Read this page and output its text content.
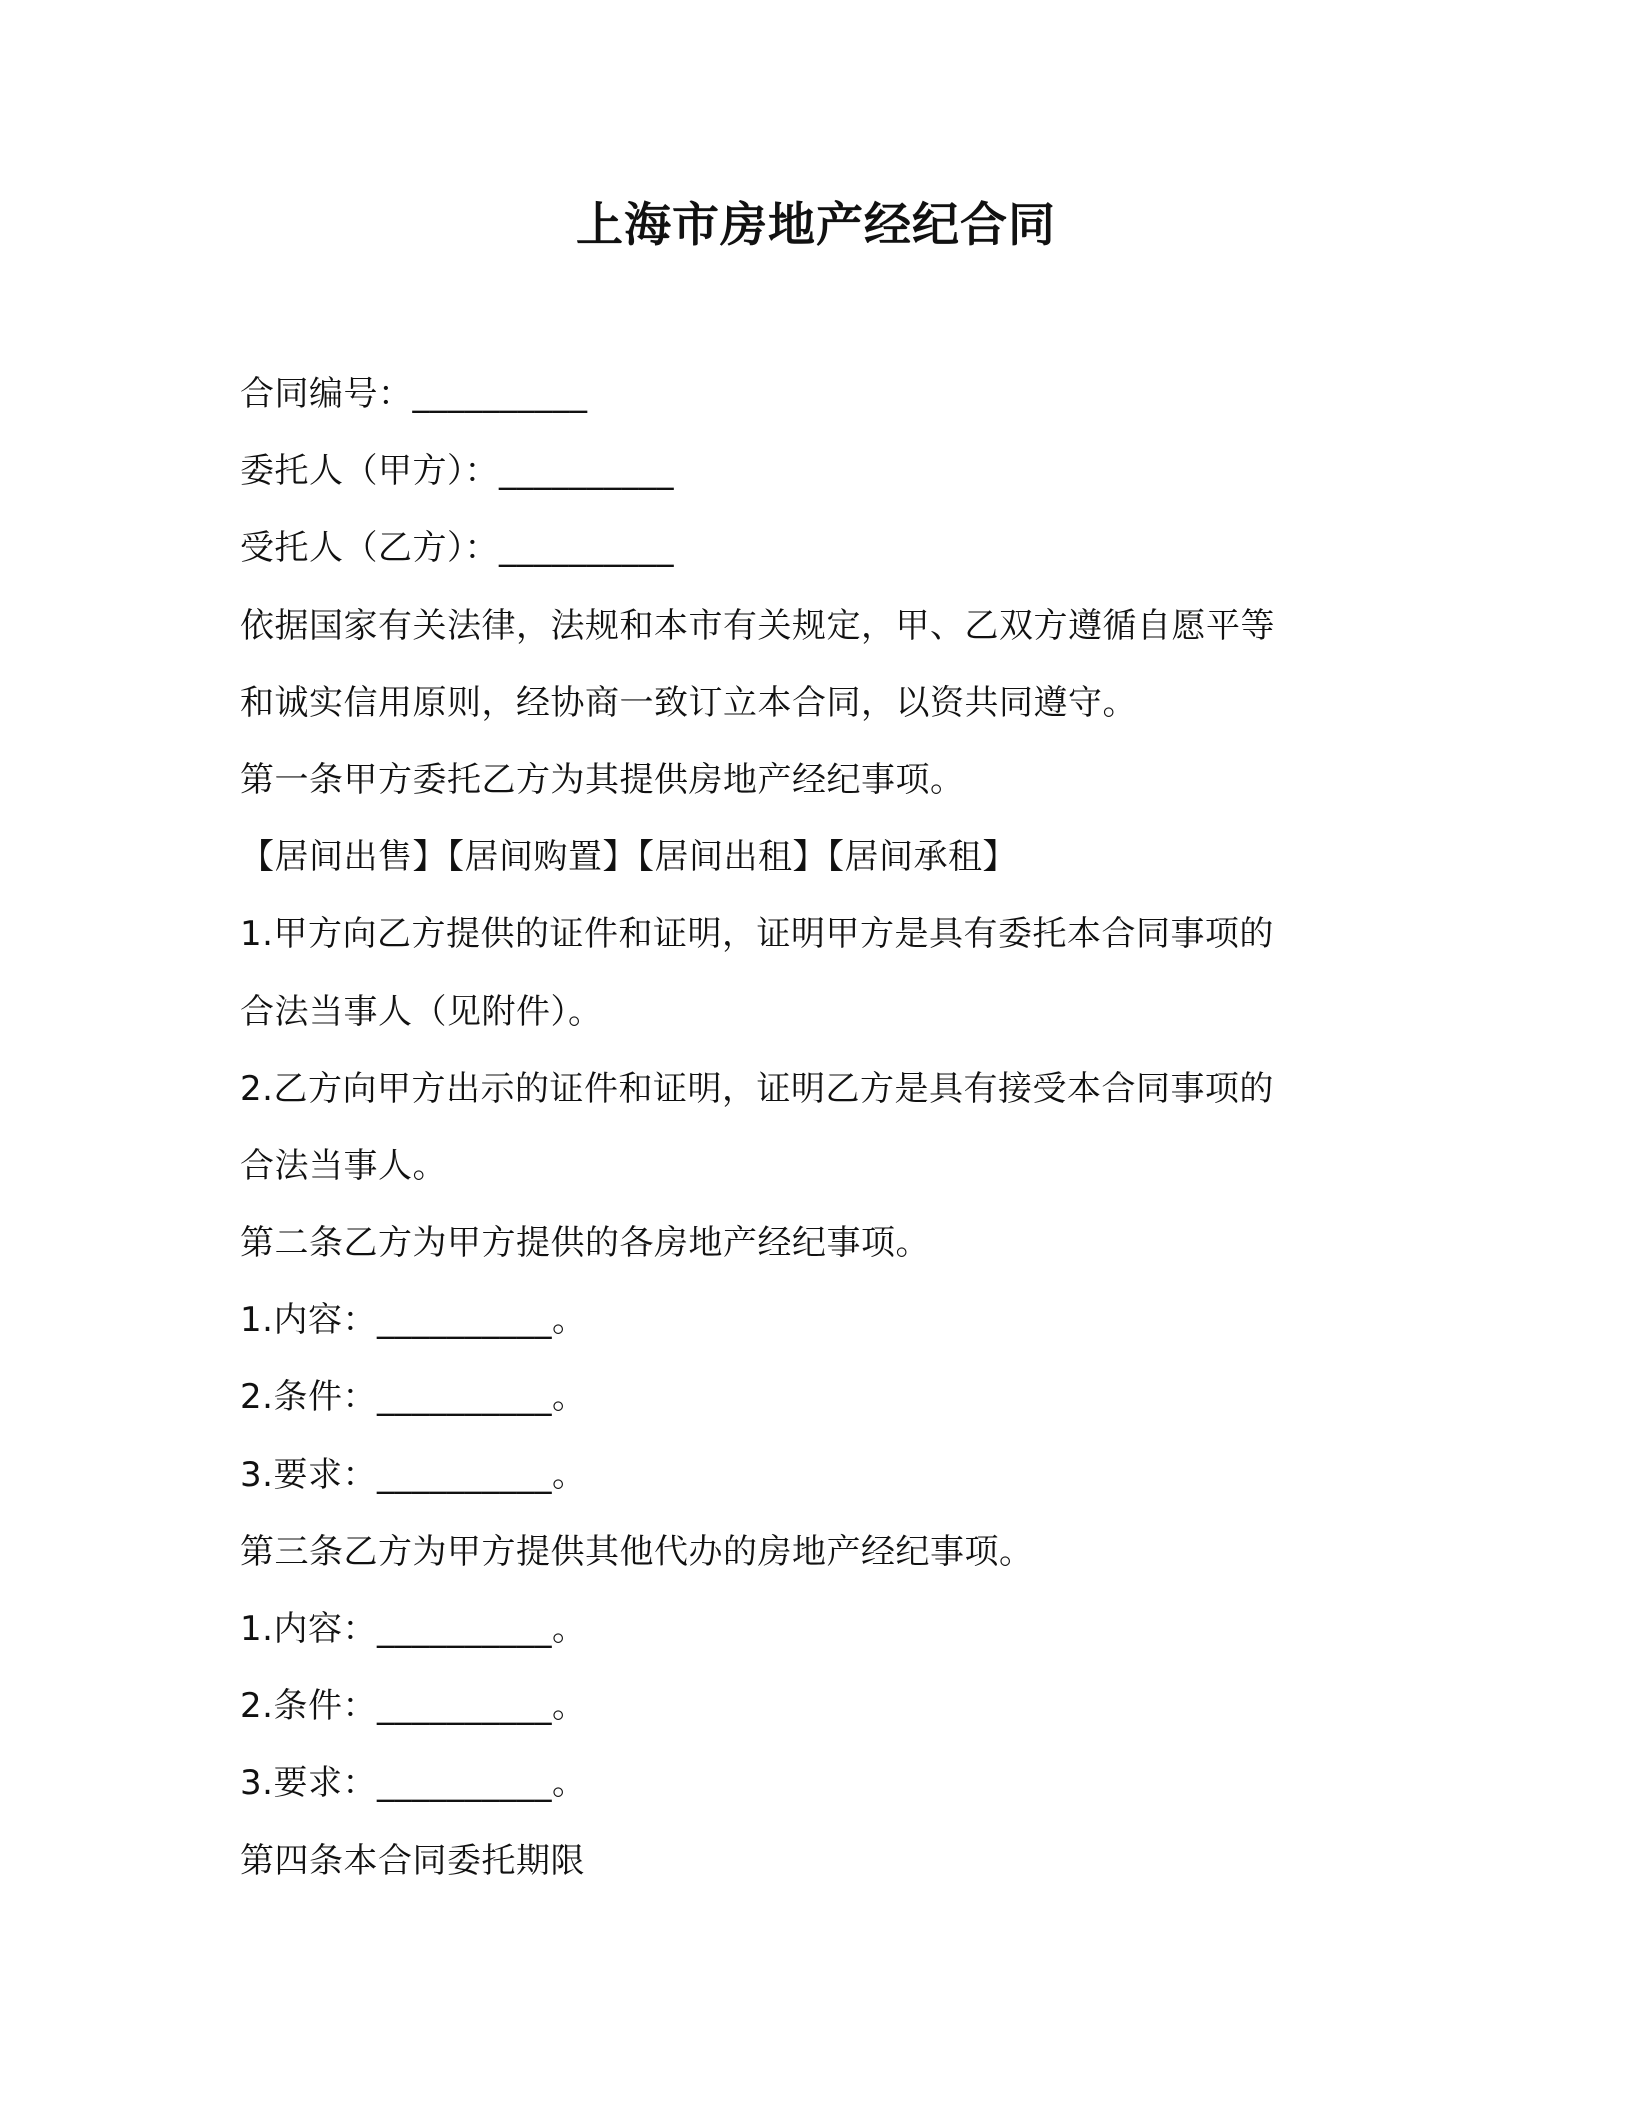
上海市房地产经纪合同

合同编号：__________

委托人（甲方）：__________

受托人（乙方）：__________

依据国家有关法律，法规和本市有关规定，甲、乙双方遵循自愿平等

和诚实信用原则，经协商一致订立本合同，以资共同遵守。

第一条甲方委托乙方为其提供房地产经纪事项。

【居间出售】【居间购置】【居间出租】【居间承租】

1.甲方向乙方提供的证件和证明，证明甲方是具有委托本合同事项的

合法当事人（见附件）。

2.乙方向甲方出示的证件和证明，证明乙方是具有接受本合同事项的

合法当事人。

第二条乙方为甲方提供的各房地产经纪事项。

1.内容：__________。

2.条件：__________。

3.要求：__________。

第三条乙方为甲方提供其他代办的房地产经纪事项。

1.内容：__________。

2.条件：__________。

3.要求：__________。

第四条本合同委托期限
